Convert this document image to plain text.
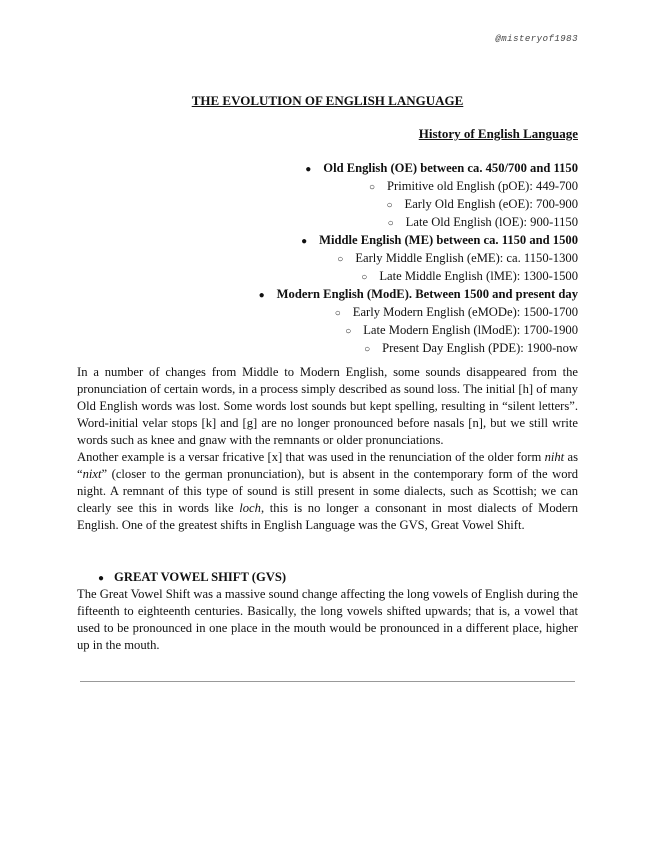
@misteryof1983
THE EVOLUTION OF ENGLISH LANGUAGE
History of English Language
● Old English (OE) between ca. 450/700 and 1150
○ Primitive old English (pOE): 449-700
○ Early Old English (eOE): 700-900
○ Late Old English (lOE): 900-1150
● Middle English (ME) between ca. 1150 and 1500
○ Early Middle English (eME): ca. 1150-1300
○ Late Middle English (lME): 1300-1500
● Modern English (ModE). Between 1500 and present day
○ Early Modern English (eMODe): 1500-1700
○ Late Modern English (lModE): 1700-1900
○ Present Day English (PDE): 1900-now
In a number of changes from Middle to Modern English, some sounds disappeared from the pronunciation of certain words, in a process simply described as sound loss. The initial [h] of many Old English words was lost. Some words lost sounds but kept spelling, resulting in “silent letters”. Word-initial velar stops [k] and [g] are no longer pronounced before nasals [n], but we still write words such as knee and gnaw with the remnants or older pronunciations.
Another example is a versar fricative [x] that was used in the renunciation of the older form niht as “nixt” (closer to the german pronunciation), but is absent in the contemporary form of the word night. A remnant of this type of sound is still present in some dialects, such as Scottish; we can clearly see this in words like loch, this is no longer a consonant in most dialects of Modern English. One of the greatest shifts in English Language was the GVS, Great Vowel Shift.
● GREAT VOWEL SHIFT (GVS)
The Great Vowel Shift was a massive sound change affecting the long vowels of English during the fifteenth to eighteenth centuries. Basically, the long vowels shifted upwards; that is, a vowel that used to be pronounced in one place in the mouth would be pronounced in a different place, higher up in the mouth.
